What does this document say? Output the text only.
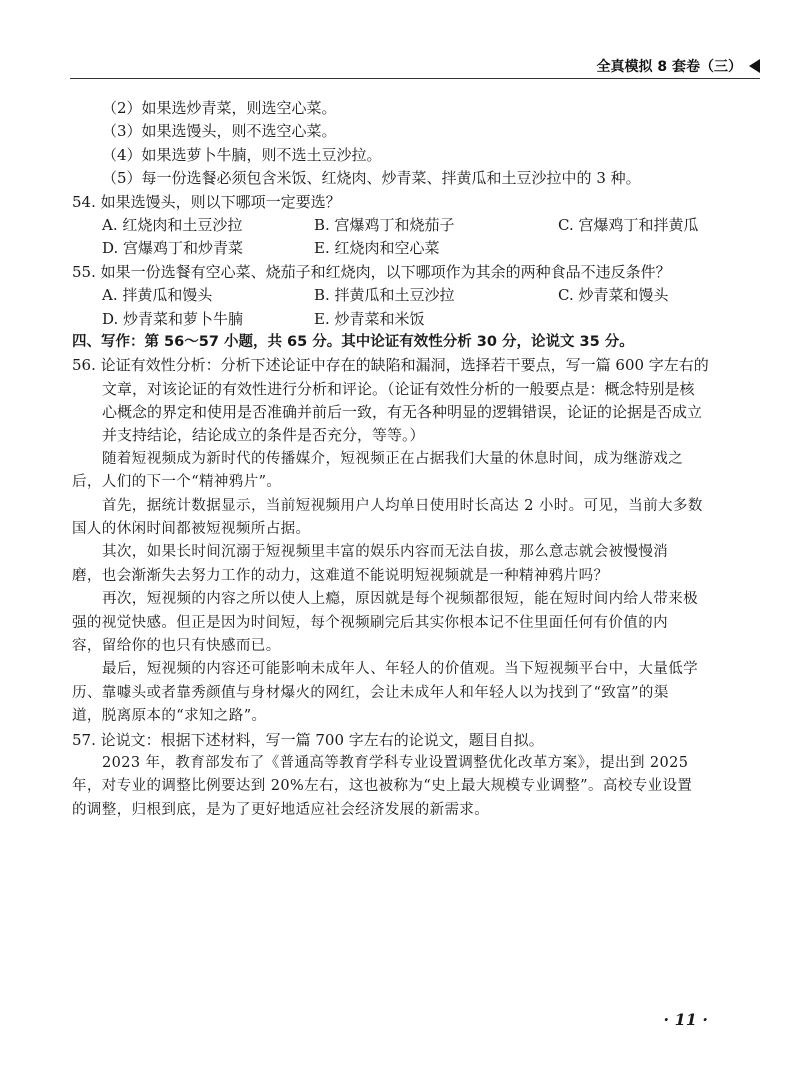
全真模拟 8 套卷（三）
（2）如果选炒青菜，则选空心菜。
（3）如果选馒头，则不选空心菜。
（4）如果选萝卜牛腩，则不选土豆沙拉。
（5）每一份选餐必须包含米饭、红烧肉、炒青菜、拌黄瓜和土豆沙拉中的 3 种。
54. 如果选馒头，则以下哪项一定要选？
A. 红烧肉和土豆沙拉	B. 宫爆鸡丁和烧茄子	C. 宫爆鸡丁和拌黄瓜
D. 宫爆鸡丁和炒青菜	E. 红烧肉和空心菜
55. 如果一份选餐有空心菜、烧茄子和红烧肉，以下哪项作为其余的两种食品不违反条件？
A. 拌黄瓜和馒头	B. 拌黄瓜和土豆沙拉	C. 炒青菜和馒头
D. 炒青菜和萝卜牛腩	E. 炒青菜和米饭
四、写作：第 56～57 小题，共 65 分。其中论证有效性分析 30 分，论说文 35 分。
56. 论证有效性分析：分析下述论证中存在的缺陷和漏洞，选择若干要点，写一篇 600 字左右的
文章，对该论证的有效性进行分析和评论。（论证有效性分析的一般要点是：概念特别是核
心概念的界定和使用是否准确并前后一致，有无各种明显的逻辑错误，论证的论据是否成立
并支持结论，结论成立的条件是否充分，等等。）
随着短视频成为新时代的传播媒介，短视频正在占据我们大量的休息时间，成为继游戏之
后，人们的下一个“精神鸦片”。
首先，据统计数据显示，当前短视频用户人均单日使用时长高达 2 小时。可见，当前大多数
国人的休闲时间都被短视频所占据。
其次，如果长时间沉溺于短视频里丰富的娱乐内容而无法自拔，那么意志就会被慢慢消
磨，也会渐渐失去努力工作的动力，这难道不能说明短视频就是一种精神鸦片吗？
再次，短视频的内容之所以使人上瘾，原因就是每个视频都很短，能在短时间内给人带来极
强的视觉快感。但正是因为时间短，每个视频刷完后其实你根本记不住里面任何有价值的内
容，留给你的也只有快感而已。
最后，短视频的内容还可能影响未成年人、年轻人的价值观。当下短视频平台中，大量低学
历、靠噱头或者靠秀颜值与身材爆火的网红，会让未成年人和年轻人以为找到了“致富”的渠
道，脱离原本的“求知之路”。
57. 论说文：根据下述材料，写一篇 700 字左右的论说文，题目自拟。
2023 年，教育部发布了《普通高等教育学科专业设置调整优化改革方案》，提出到 2025
年，对专业的调整比例要达到 20%左右，这也被称为“史上最大规模专业调整”。高校专业设置
的调整，归根到底，是为了更好地适应社会经济发展的新需求。
· 11 ·
